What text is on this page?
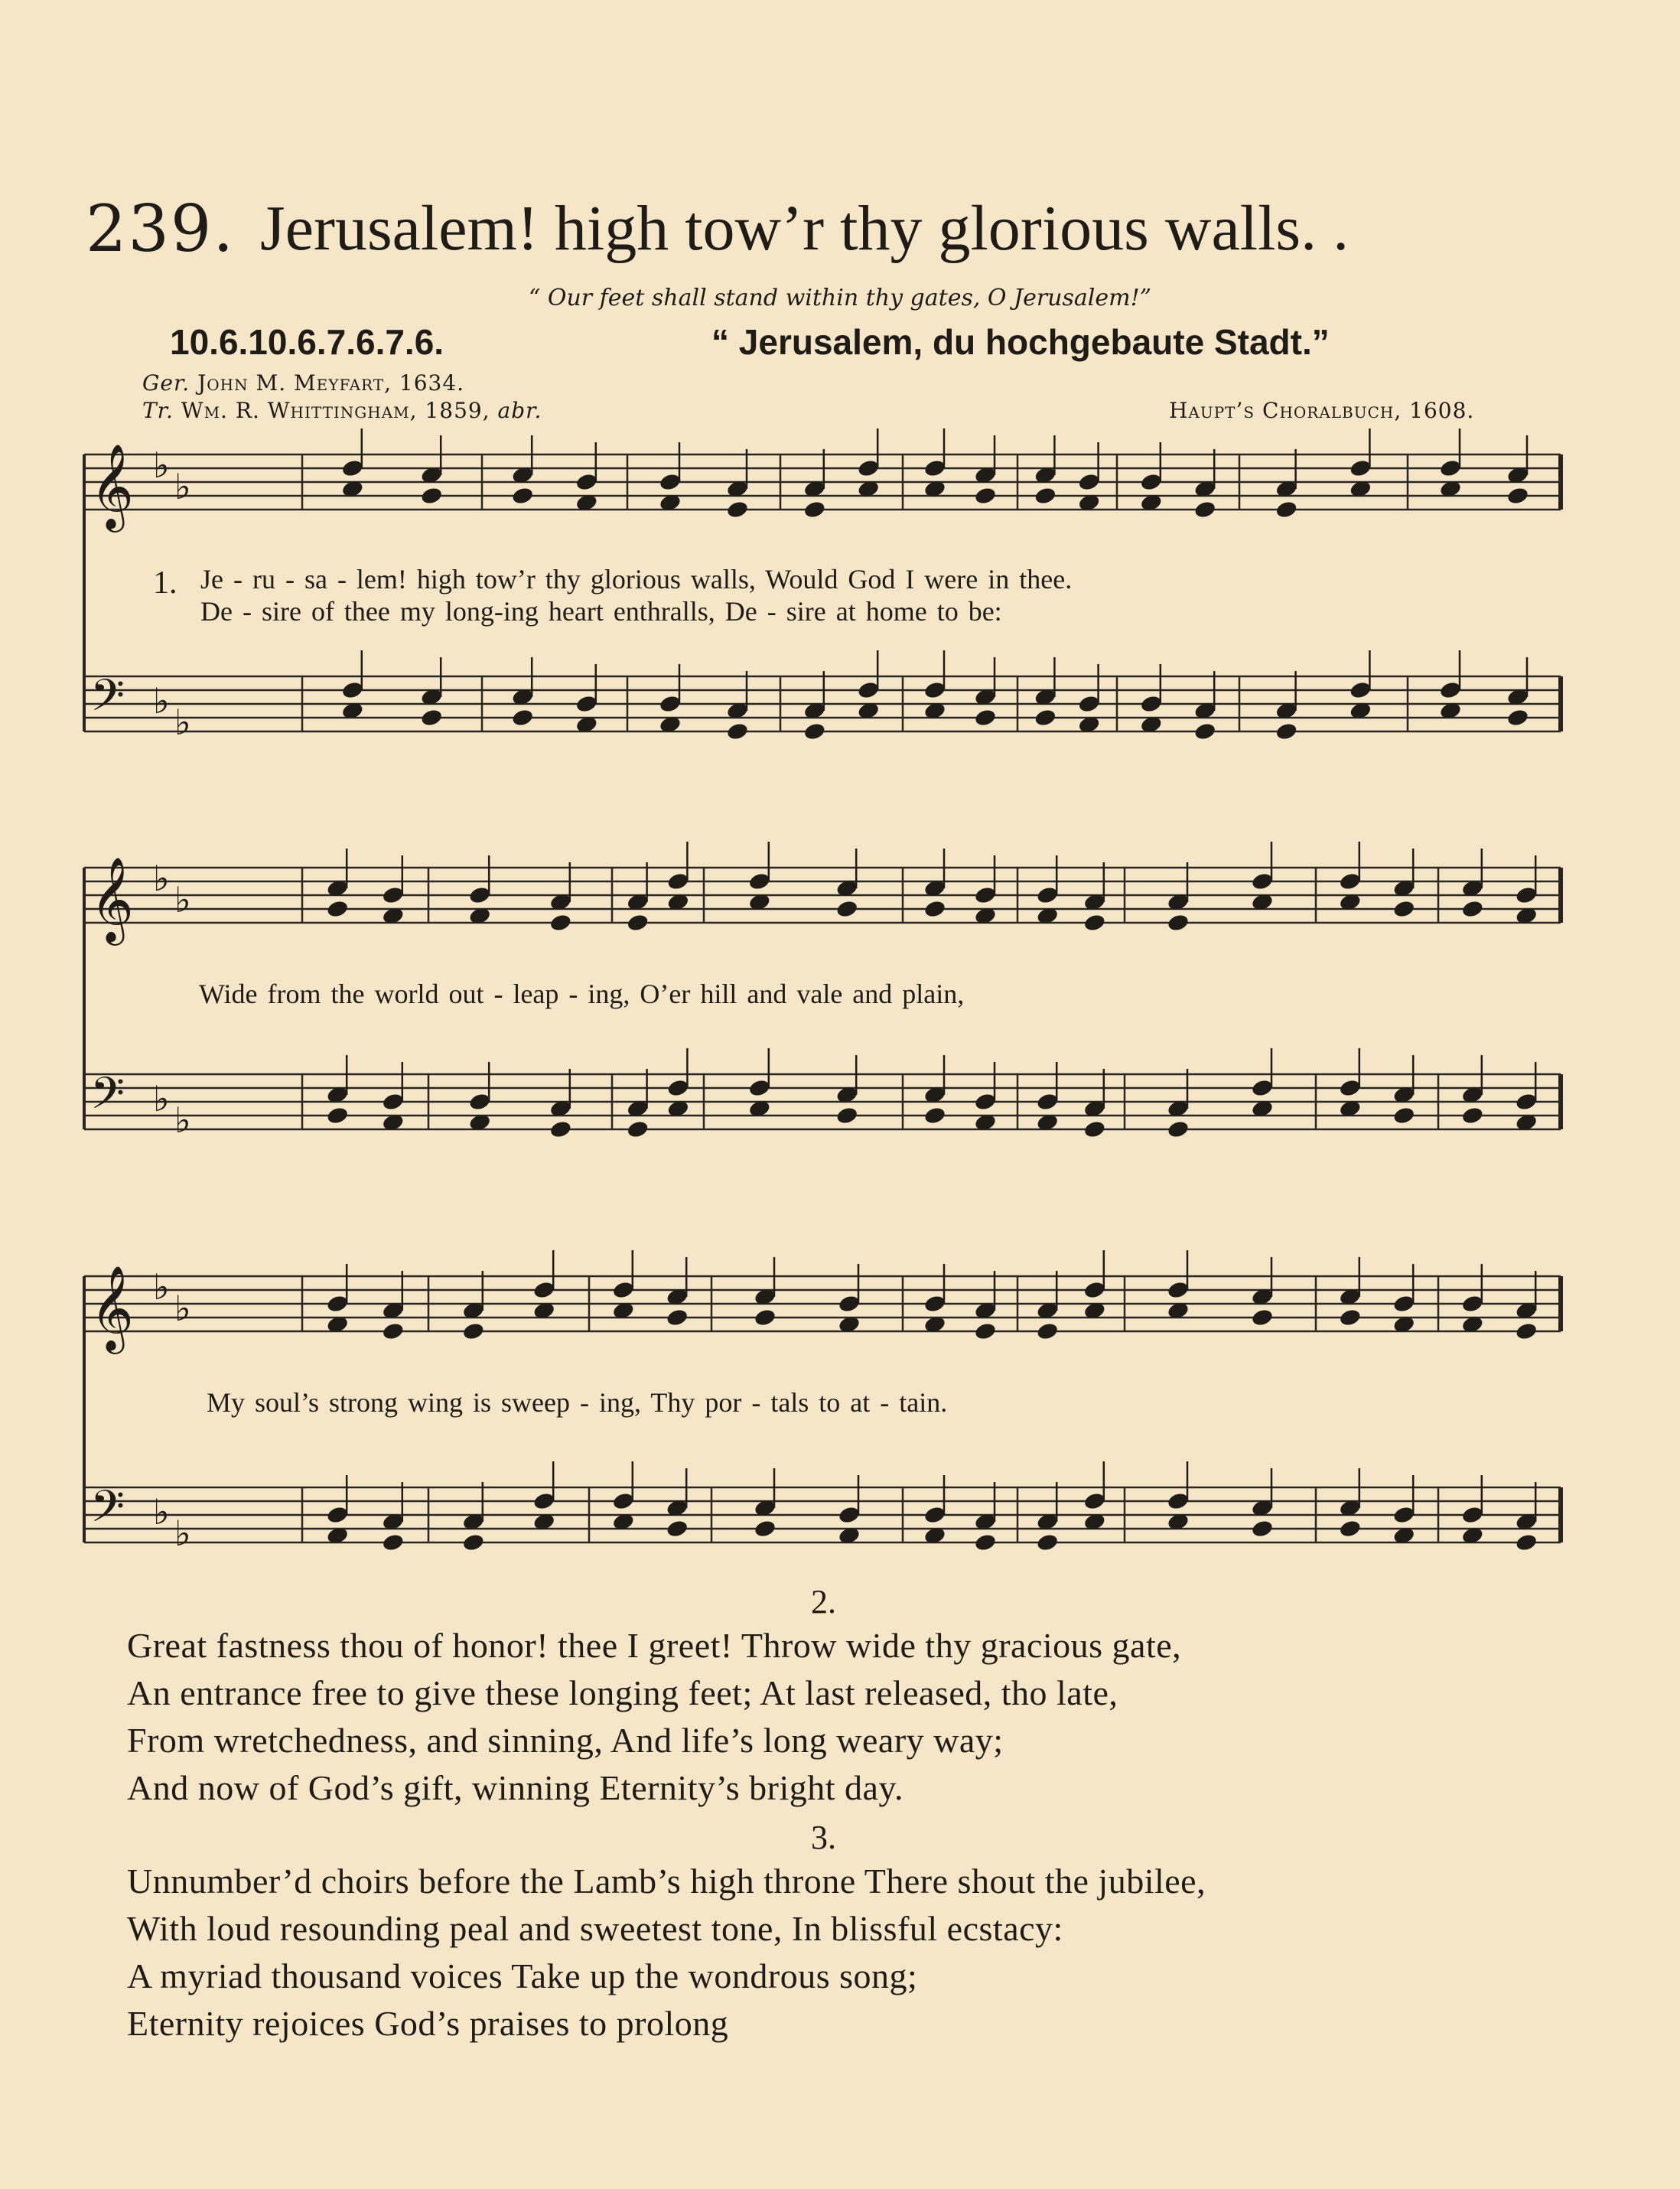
239. Jerusalem! high tow’r thy glorious walls. .
“ Our feet shall stand within thy gates, O Jerusalem!”
10.6.10.6.7.6.7.6.	“ Jerusalem, du hochgebaute Stadt.”
Ger. John M. Meyfart, 1634.
Tr. Wm. R. Whittingham, 1859, abr.	Haupt’s Choralbuch, 1608.
𝄞 ♭
♭
𝄢 ♭
♭
𝄞 ♭
♭
𝄢 ♭
♭
𝄞 ♭
♭
𝄢 ♭
♭
1. Je - ru - sa - lem! high tow’r thy glorious walls, Would God I were in thee.
De - sire of thee my long-ing heart enthralls, De - sire at home to be:
Wide from the world out - leap - ing, O’er hill and vale and plain,
My soul’s strong wing is sweep - ing, Thy por - tals to at - tain.
2.
Great fastness thou of honor! thee I greet! Throw wide thy gracious gate,
An entrance free to give these longing feet; At last released, tho late,
From wretchedness, and sinning, And life’s long weary way;
And now of God’s gift, winning Eternity’s bright day.
3.
Unnumber’d choirs before the Lamb’s high throne There shout the jubilee,
With loud resounding peal and sweetest tone, In blissful ecstacy:
A myriad thousand voices Take up the wondrous song;
Eternity rejoices God’s praises to prolong
